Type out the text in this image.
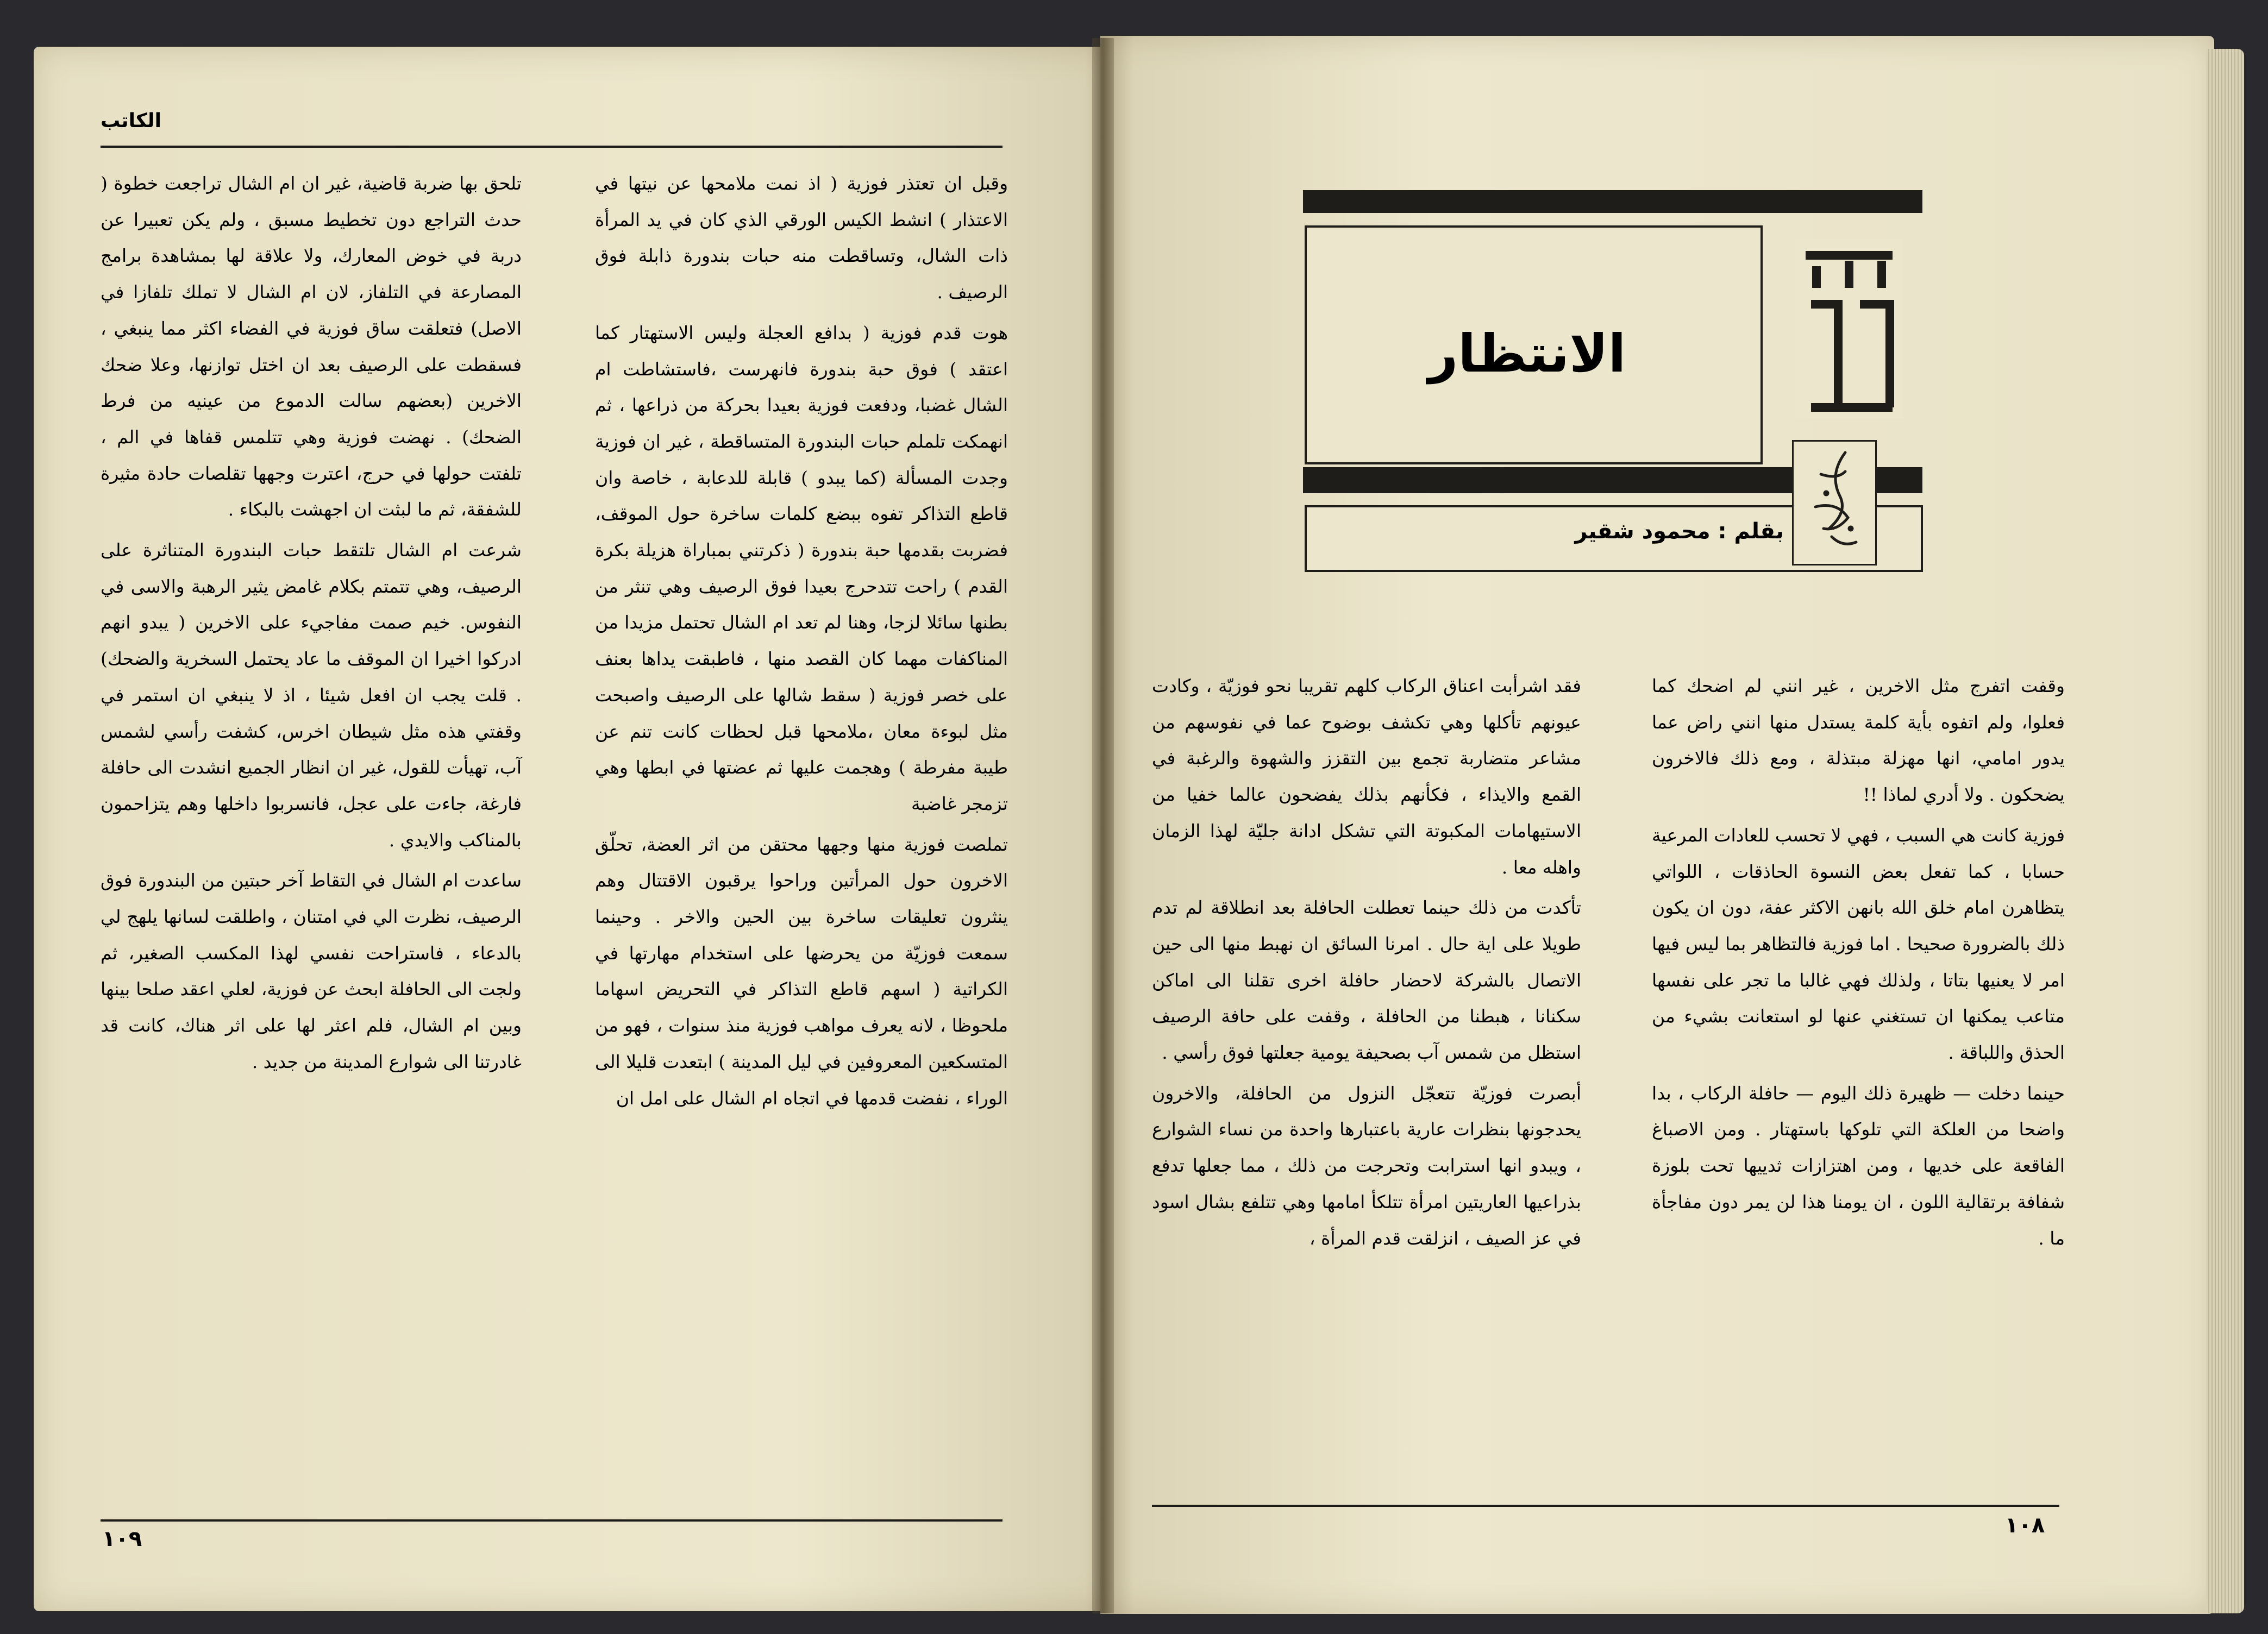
الكاتب

وقبل ان تعتذر فوزية ( اذ نمت ملامحها عن نيتها في الاعتذار ) انشط الكيس الورقي الذي كان في يد المرأة ذات الشال، وتساقطت منه حبات بندورة ذابلة فوق الرصيف .

هوت قدم فوزية ( بدافع العجلة وليس الاستهتار كما اعتقد ) فوق حبة بندورة فانهرست ،فاستشاطت ام الشال غضبا، ودفعت فوزية بعيدا بحركة من ذراعها ، ثم انهمكت تلملم حبات البندورة المتساقطة ، غير ان فوزية وجدت المسألة (كما يبدو ) قابلة للدعابة ، خاصة وان قاطع التذاكر تفوه ببضع كلمات ساخرة حول الموقف، فضربت بقدمها حبة بندورة ( ذكرتني بمباراة هزيلة بكرة القدم ) راحت تتدحرج بعيدا فوق الرصيف وهي تنثر من بطنها سائلا لزجا، وهنا لم تعد ام الشال تحتمل مزيدا من المناكفات مهما كان القصد منها ، فاطبقت يداها بعنف على خصر فوزية ( سقط شالها على الرصيف واصبحت مثل لبوءة معان ،ملامحها قبل لحظات كانت تنم عن طيبة مفرطة ) وهجمت عليها ثم عضتها في ابطها وهي تزمجر غاضبة

تملصت فوزية منها وجهها محتقن من اثر العضة، تحلّق الاخرون حول المرأتين وراحوا يرقبون الاقتتال وهم ينثرون تعليقات ساخرة بين الحين والاخر . وحينما سمعت فوزيّة من يحرضها على استخدام مهارتها في الكراتية ( اسهم قاطع التذاكر في التحريض اسهاما ملحوظا ، لانه يعرف مواهب فوزية منذ سنوات ، فهو من المتسكعين المعروفين في ليل المدينة ) ابتعدت قليلا الى الوراء ، نفضت قدمها في اتجاه ام الشال على امل ان

تلحق بها ضربة قاضية، غير ان ام الشال تراجعت خطوة ( حدث التراجع دون تخطيط مسبق ، ولم يكن تعبيرا عن دربة في خوض المعارك، ولا علاقة لها بمشاهدة برامج المصارعة في التلفاز، لان ام الشال لا تملك تلفازا في الاصل) فتعلقت ساق فوزية في الفضاء اكثر مما ينبغي ، فسقطت على الرصيف بعد ان اختل توازنها، وعلا ضحك الاخرين (بعضهم سالت الدموع من عينيه من فرط الضحك) . نهضت فوزية وهي تتلمس قفاها في الم ، تلفتت حولها في حرج، اعترت وجهها تقلصات حادة مثيرة للشفقة، ثم ما لبثت ان اجهشت بالبكاء .

شرعت ام الشال تلتقط حبات البندورة المتناثرة على الرصيف، وهي تتمتم بكلام غامض يثير الرهبة والاسى في النفوس. خيم صمت مفاجيء على الاخرين ( يبدو انهم ادركوا اخيرا ان الموقف ما عاد يحتمل السخرية والضحك) . قلت يجب ان افعل شيئا ، اذ لا ينبغي ان استمر في وقفتي هذه مثل شيطان اخرس، كشفت رأسي لشمس آب، تهيأت للقول، غير ان انظار الجميع انشدت الى حافلة فارغة، جاءت على عجل، فانسربوا داخلها وهم يتزاحمون بالمناكب والايدي .

ساعدت ام الشال في التقاط آخر حبتين من البندورة فوق الرصيف، نظرت الي في امتنان ، واطلقت لسانها يلهج لي بالدعاء ، فاستراحت نفسي لهذا المكسب الصغير، ثم ولجت الى الحافلة ابحث عن فوزية، لعلي اعقد صلحا بينها وبين ام الشال، فلم اعثر لها على اثر هناك، كانت قد غادرتنا الى شوارع المدينة من جديد .

١٠٩
الانتظار
بقلم : محمود شقير

وقفت اتفرج مثل الاخرين ، غير انني لم اضحك كما فعلوا، ولم اتفوه بأية كلمة يستدل منها انني راض عما يدور امامي، انها مهزلة مبتذلة ، ومع ذلك فالاخرون يضحكون . ولا أدري لماذا !!

فوزية كانت هي السبب ، فهي لا تحسب للعادات المرعية حسابا ، كما تفعل بعض النسوة الحاذقات ، اللواتي يتظاهرن امام خلق الله بانهن الاكثر عفة، دون ان يكون ذلك بالضرورة صحيحا . اما فوزية فالتظاهر بما ليس فيها امر لا يعنيها بتاتا ، ولذلك فهي غالبا ما تجر على نفسها متاعب يمكنها ان تستغني عنها لو استعانت بشيء من الحذق واللباقة .

حينما دخلت — ظهيرة ذلك اليوم — حافلة الركاب ، بدا واضحا من العلكة التي تلوكها باستهتار . ومن الاصباغ الفاقعة على خديها ، ومن اهتزازات ثدييها تحت بلوزة شفافة برتقالية اللون ، ان يومنا هذا لن يمر دون مفاجأة ما .

فقد اشرأبت اعناق الركاب كلهم تقريبا نحو فوزيّة ، وكادت عيونهم تأكلها وهي تكشف بوضوح عما في نفوسهم من مشاعر متضاربة تجمع بين التقزز والشهوة والرغبة في القمع والايذاء ، فكأنهم بذلك يفضحون عالما خفيا من الاستيهامات المكبوتة التي تشكل ادانة جليّة لهذا الزمان واهله معا .

تأكدت من ذلك حينما تعطلت الحافلة بعد انطلاقة لم تدم طويلا على اية حال . امرنا السائق ان نهبط منها الى حين الاتصال بالشركة لاحضار حافلة اخرى تقلنا الى اماكن سكنانا ، هبطنا من الحافلة ، وقفت على حافة الرصيف استظل من شمس آب بصحيفة يومية جعلتها فوق رأسي .

أبصرت فوزيّة تتعجّل النزول من الحافلة، والاخرون يحدجونها بنظرات عارية باعتبارها واحدة من نساء الشوارع ، ويبدو انها استرابت وتحرجت من ذلك ، مما جعلها تدفع بذراعيها العاريتين امرأة تتلكأ امامها وهي تتلفع بشال اسود في عز الصيف ، انزلقت قدم المرأة ،

١٠٨
